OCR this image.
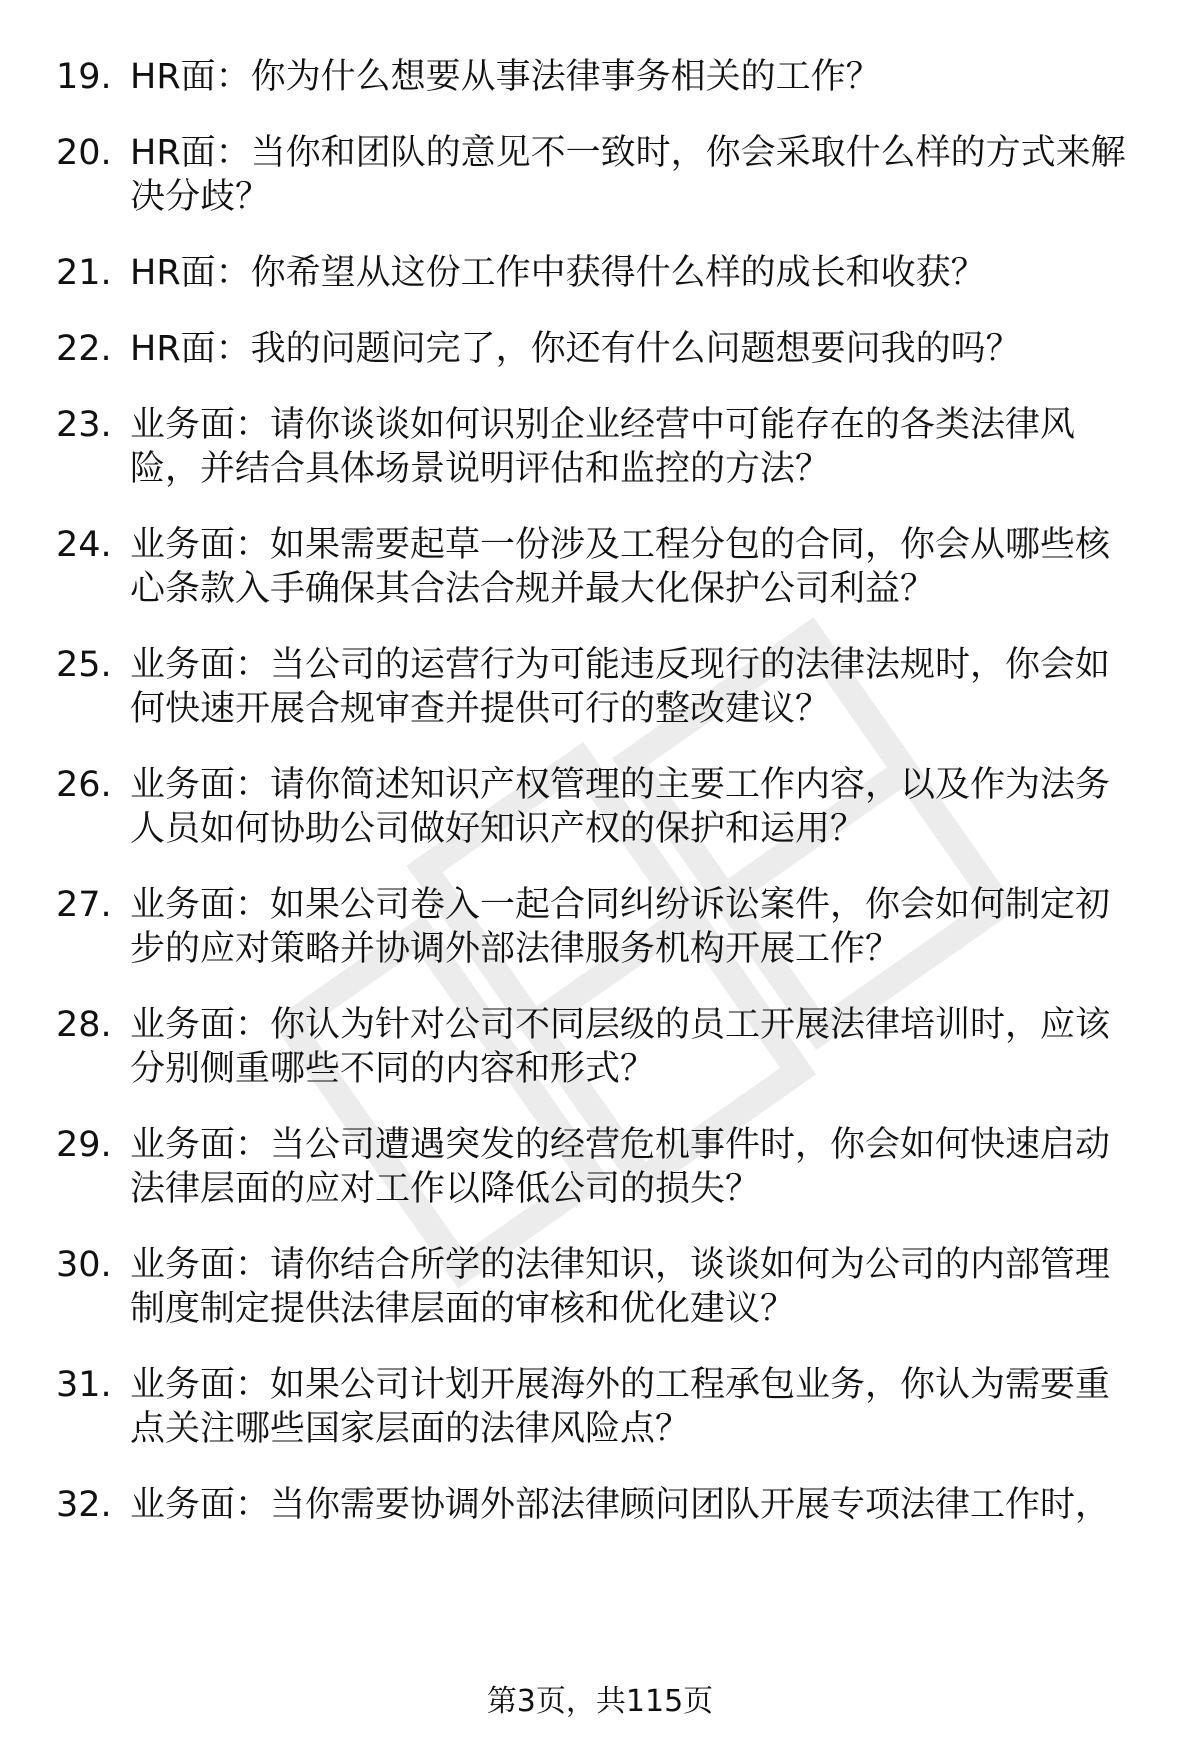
19. HR面：你为什么想要从事法律事务相关的工作？
20. HR面：当你和团队的意见不一致时，你会采取什么样的方式来解
决分歧？
21. HR面：你希望从这份工作中获得什么样的成长和收获？
22. HR面：我的问题问完了，你还有什么问题想要问我的吗？
23. 业务面：请你谈谈如何识别企业经营中可能存在的各类法律风
险，并结合具体场景说明评估和监控的方法？
24. 业务面：如果需要起草一份涉及工程分包的合同，你会从哪些核
心条款入手确保其合法合规并最大化保护公司利益？
25. 业务面：当公司的运营行为可能违反现行的法律法规时，你会如
何快速开展合规审查并提供可行的整改建议？
26. 业务面：请你简述知识产权管理的主要工作内容，以及作为法务
人员如何协助公司做好知识产权的保护和运用？
27. 业务面：如果公司卷入一起合同纠纷诉讼案件，你会如何制定初
步的应对策略并协调外部法律服务机构开展工作？
28. 业务面：你认为针对公司不同层级的员工开展法律培训时，应该
分别侧重哪些不同的内容和形式？
29. 业务面：当公司遭遇突发的经营危机事件时，你会如何快速启动
法律层面的应对工作以降低公司的损失？
30. 业务面：请你结合所学的法律知识，谈谈如何为公司的内部管理
制度制定提供法律层面的审核和优化建议？
31. 业务面：如果公司计划开展海外的工程承包业务，你认为需要重
点关注哪些国家层面的法律风险点？
32. 业务面：当你需要协调外部法律顾问团队开展专项法律工作时，
第3页，共115页
